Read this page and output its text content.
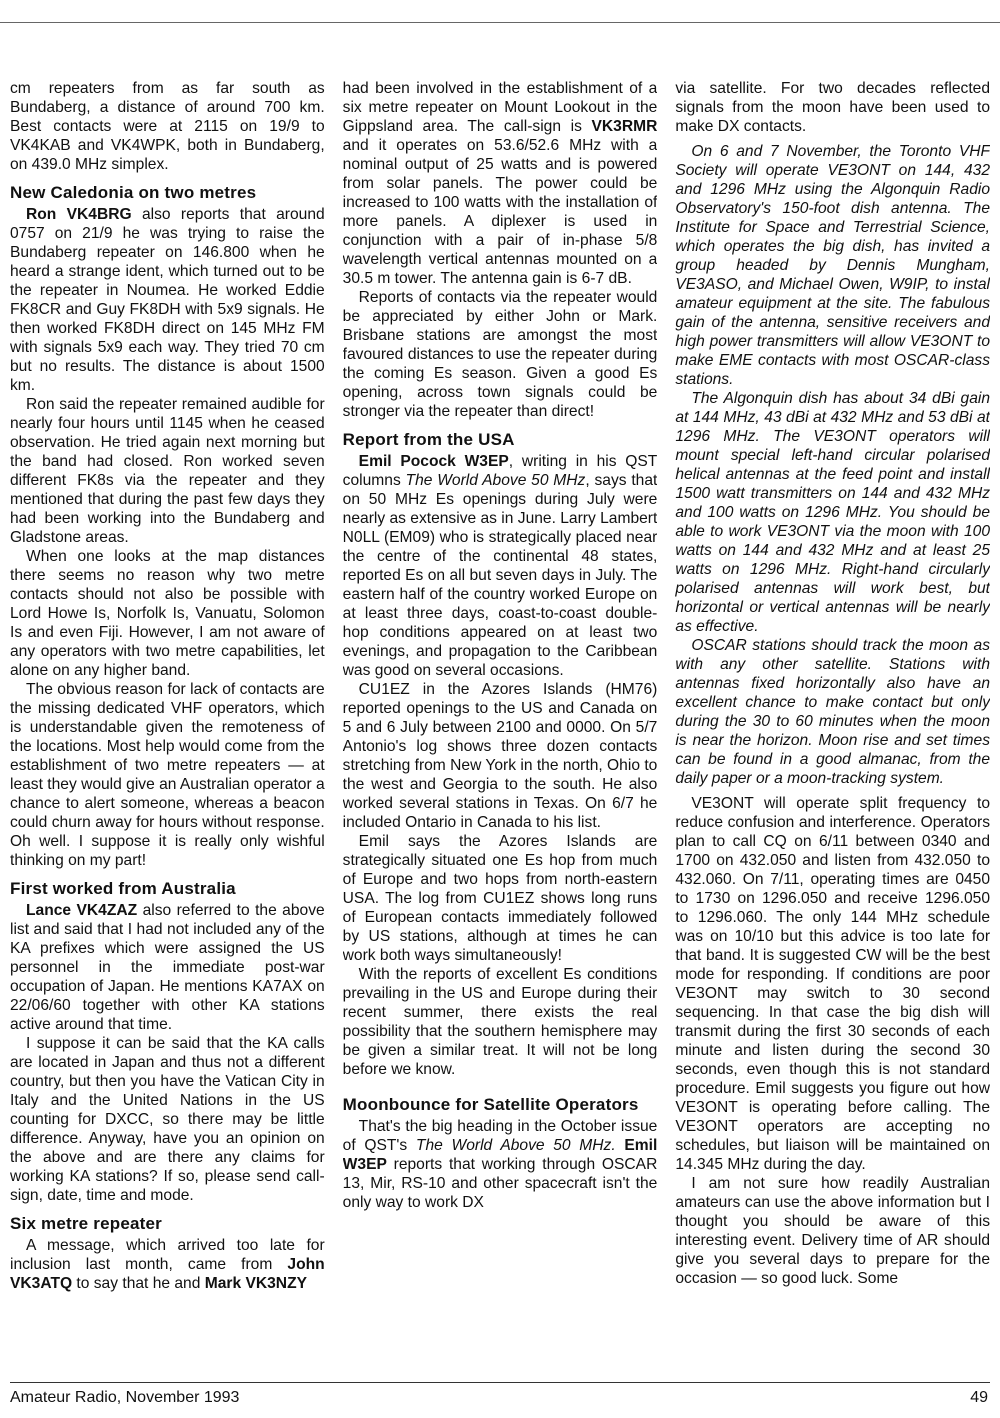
cm repeaters from as far south as Bundaberg, a distance of around 700 km. Best contacts were at 2115 on 19/9 to VK4KAB and VK4WPK, both in Bundaberg, on 439.0 MHz simplex.

New Caledonia on two metres

Ron VK4BRG also reports that around 0757 on 21/9 he was trying to raise the Bundaberg repeater on 146.800 when he heard a strange ident, which turned out to be the repeater in Noumea. He worked Eddie FK8CR and Guy FK8DH with 5x9 signals. He then worked FK8DH direct on 145 MHz FM with signals 5x9 each way. They tried 70 cm but no results. The distance is about 1500 km.

Ron said the repeater remained audible for nearly four hours until 1145 when he ceased observation. He tried again next morning but the band had closed. Ron worked seven different FK8s via the repeater and they mentioned that during the past few days they had been working into the Bundaberg and Gladstone areas.

When one looks at the map distances there seems no reason why two metre contacts should not also be possible with Lord Howe Is, Norfolk Is, Vanuatu, Solomon Is and even Fiji. However, I am not aware of any operators with two metre capabilities, let alone on any higher band.

The obvious reason for lack of contacts are the missing dedicated VHF operators, which is understandable given the remoteness of the locations. Most help would come from the establishment of two metre repeaters — at least they would give an Australian operator a chance to alert someone, whereas a beacon could churn away for hours without response. Oh well. I suppose it is really only wishful thinking on my part!

First worked from Australia

Lance VK4ZAZ also referred to the above list and said that I had not included any of the KA prefixes which were assigned the US personnel in the immediate post-war occupation of Japan. He mentions KA7AX on 22/06/60 together with other KA stations active around that time.

I suppose it can be said that the KA calls are located in Japan and thus not a different country, but then you have the Vatican City in Italy and the United Nations in the US counting for DXCC, so there may be little difference. Anyway, have you an opinion on the above and are there any claims for working KA stations? If so, please send call-sign, date, time and mode.

Six metre repeater

A message, which arrived too late for inclusion last month, came from John VK3ATQ to say that he and Mark VK3NZY

had been involved in the establishment of a six metre repeater on Mount Lookout in the Gippsland area. The call-sign is VK3RMR and it operates on 53.6/52.6 MHz with a nominal output of 25 watts and is powered from solar panels. The power could be increased to 100 watts with the installation of more panels. A diplexer is used in conjunction with a pair of in-phase 5/8 wavelength vertical antennas mounted on a 30.5 m tower. The antenna gain is 6-7 dB.

Reports of contacts via the repeater would be appreciated by either John or Mark. Brisbane stations are amongst the most favoured distances to use the repeater during the coming Es season. Given a good Es opening, across town signals could be stronger via the repeater than direct!

Report from the USA

Emil Pocock W3EP, writing in his QST columns The World Above 50 MHz, says that on 50 MHz Es openings during July were nearly as extensive as in June. Larry Lambert N0LL (EM09) who is strategically placed near the centre of the continental 48 states, reported Es on all but seven days in July. The eastern half of the country worked Europe on at least three days, coast-to-coast double-hop conditions appeared on at least two evenings, and propagation to the Caribbean was good on several occasions.

CU1EZ in the Azores Islands (HM76) reported openings to the US and Canada on 5 and 6 July between 2100 and 0000. On 5/7 Antonio's log shows three dozen contacts stretching from New York in the north, Ohio to the west and Georgia to the south. He also worked several stations in Texas. On 6/7 he included Ontario in Canada to his list.

Emil says the Azores Islands are strategically situated one Es hop from much of Europe and two hops from north-eastern USA. The log from CU1EZ shows long runs of European contacts immediately followed by US stations, although at times he can work both ways simultaneously!

With the reports of excellent Es conditions prevailing in the US and Europe during their recent summer, there exists the real possibility that the southern hemisphere may be given a similar treat. It will not be long before we know.

Moonbounce for Satellite Operators

That's the big heading in the October issue of QST's The World Above 50 MHz. Emil W3EP reports that working through OSCAR 13, Mir, RS-10 and other spacecraft isn't the only way to work DX

via satellite. For two decades reflected signals from the moon have been used to make DX contacts.

On 6 and 7 November, the Toronto VHF Society will operate VE3ONT on 144, 432 and 1296 MHz using the Algonquin Radio Observatory's 150-foot dish antenna. The Institute for Space and Terrestrial Science, which operates the big dish, has invited a group headed by Dennis Mungham, VE3ASO, and Michael Owen, W9IP, to instal amateur equipment at the site. The fabulous gain of the antenna, sensitive receivers and high power transmitters will allow VE3ONT to make EME contacts with most OSCAR-class stations.

The Algonquin dish has about 34 dBi gain at 144 MHz, 43 dBi at 432 MHz and 53 dBi at 1296 MHz. The VE3ONT operators will mount special left-hand circular polarised helical antennas at the feed point and install 1500 watt transmitters on 144 and 432 MHz and 100 watts on 1296 MHz. You should be able to work VE3ONT via the moon with 100 watts on 144 and 432 MHz and at least 25 watts on 1296 MHz. Right-hand circularly polarised antennas will work best, but horizontal or vertical antennas will be nearly as effective.

OSCAR stations should track the moon as with any other satellite. Stations with antennas fixed horizontally also have an excellent chance to make contact but only during the 30 to 60 minutes when the moon is near the horizon. Moon rise and set times can be found in a good almanac, from the daily paper or a moon-tracking system.

VE3ONT will operate split frequency to reduce confusion and interference. Operators plan to call CQ on 6/11 between 0340 and 1700 on 432.050 and listen from 432.050 to 432.060. On 7/11, operating times are 0450 to 1730 on 1296.050 and receive 1296.050 to 1296.060. The only 144 MHz schedule was on 10/10 but this advice is too late for that band. It is suggested CW will be the best mode for responding. If conditions are poor VE3ONT may switch to 30 second sequencing. In that case the big dish will transmit during the first 30 seconds of each minute and listen during the second 30 seconds, even though this is not standard procedure. Emil suggests you figure out how VE3ONT is operating before calling. The VE3ONT operators are accepting no schedules, but liaison will be maintained on 14.345 MHz during the day.

I am not sure how readily Australian amateurs can use the above information but I thought you should be aware of this interesting event. Delivery time of AR should give you several days to prepare for the occasion — so good luck. Some

Amateur Radio, November 1993	49
